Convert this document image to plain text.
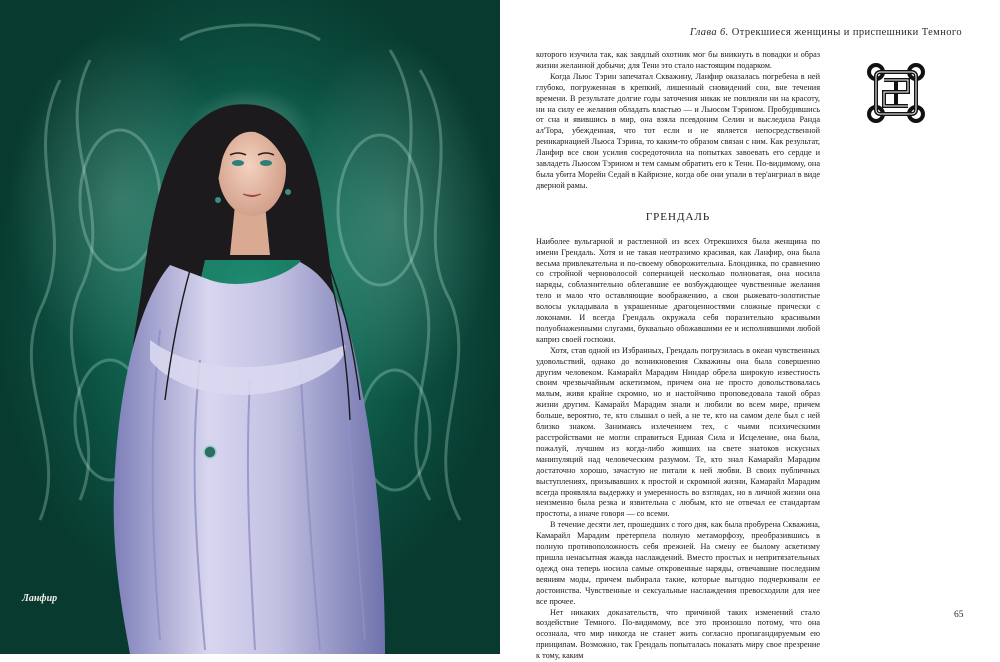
Ланфир
Глава 6. Отрекшиеся женщины и приспешники Темного

которого изучила так, как заядлый охотник мог бы вникнуть в повадки и образ жизни желанной добычи; для Тени это стало настоящим подарком.

Когда Льюс Тэрин запечатал Скважину, Ланфир оказалась погребена в ней глубоко, погруженная в крепкий, лишенный сновидений сон, вне течения времени. В результате долгие годы заточения никак не повлияли ни на красоту, ни на силу ее желания обладать властью — и Льюсом Тэрином. Пробудившись от сна и явившись в мир, она взяла псевдоним Селин и выследила Ранда ал'Тора, убежденная, что тот если и не является непосредственной реинкарнацией Льюса Тэрина, то каким-то образом связан с ним. Как результат, Ланфир все свои усилия сосредоточила на попытках завоевать его сердце и завладеть Льюсом Тэрином и тем самым обратить его к Тени. По-видимому, она была убита Морейн Седай в Кайриэне, когда обе они упали в тер'ангриал в виде дверной рамы.

ГРЕНДАЛЬ

Наиболее вульгарной и растленной из всех Отрекшихся была женщина по имени Грендаль. Хотя и не такая неотразимо красивая, как Ланфир, она была весьма привлекательна и по-своему обворожительна. Блондинка, по сравнению со стройной черноволосой соперницей несколько полноватая, она носила наряды, соблазнительно облегавшие ее возбуждающее чувственные желания тело и мало что оставляющие воображению, а свои рыжевато-золотистые волосы укладывала в украшенные драгоценностями сложные прически с локонами. И всегда Грендаль окружала себя поразительно красивыми полуобнаженными слугами, буквально обожавшими ее и исполнявшими любой каприз своей госпожи.

Хотя, став одной из Избранных, Грендаль погрузилась в океан чувственных удовольствий, однако до возникновения Скважины она была совершенно другим человеком. Камарайл Марадим Ниндар обрела широкую известность своим чрезвычайным аскетизмом, причем она не просто довольствовалась малым, живя крайне скромно, но и настойчиво проповедовала такой образ жизни другим. Камарайл Марадим знали и любили во всем мире, причем больше, вероятно, те, кто слышал о ней, а не те, кто на самом деле был с ней близко знаком. Занимаясь излечением тех, с чьими психическими расстройствами не могли справиться Единая Сила и Исцеление, она была, пожалуй, лучшим из когда-либо живших на свете знатоков искусных манипуляций над человеческим разумом. Те, кто знал Камарайл Марадим достаточно хорошо, зачастую не питали к ней любви. В своих публичных выступлениях, призывавших к простой и скромной жизни, Камарайл Марадим всегда проявляла выдержку и умеренность во взглядах, но в личной жизни она неизменно была резка и язвительна с любым, кто не отвечал ее стандартам простоты, а иначе говоря — со всеми.

В течение десяти лет, прошедших с того дня, как была пробурена Скважина, Камарайл Марадим претерпела полную метаморфозу, преобразившись в полную противоположность себя прежней. На смену ее былому аскетизму пришла ненасытная жажда наслаждений. Вместо простых и непритязательных одежд она теперь носила самые откровенные наряды, отвечавшие последним веяниям моды, причем выбирала такие, которые выгодно подчеркивали ее достоинства. Чувственные и сексуальные наслаждения превосходили для нее все прочее.

Нет никаких доказательств, что причиной таких изменений стало воздействие Темного. По-видимому, все это произошло потому, что она осознала, что мир никогда не станет жить согласно пропагандируемым ею принципам. Возможно, так Грендаль попыталась показать миру свое презрение к тому, каким

65
